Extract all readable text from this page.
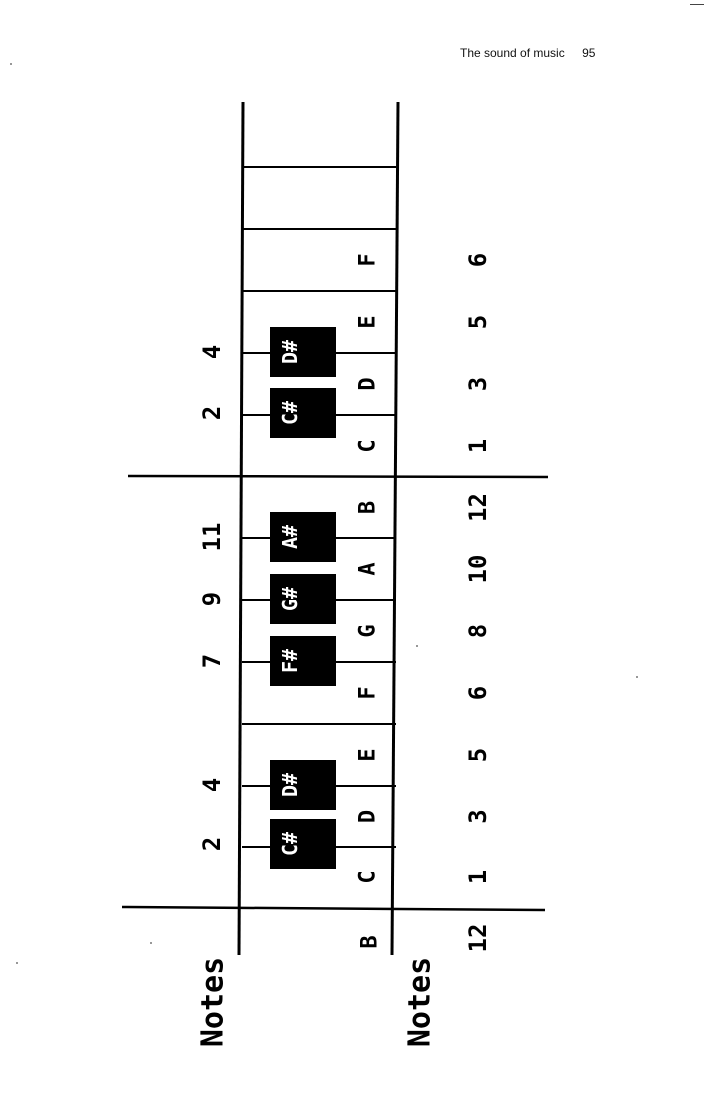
The sound of music 95
C#
D#
F#
G#
A#
C#
D#
C
D
E
F
G
A
B
C
D
E
F
1
3
5
6
8
10
12
1
3
5
6
2
4
7
9
11
2
4
B	12
Notes	Notes
